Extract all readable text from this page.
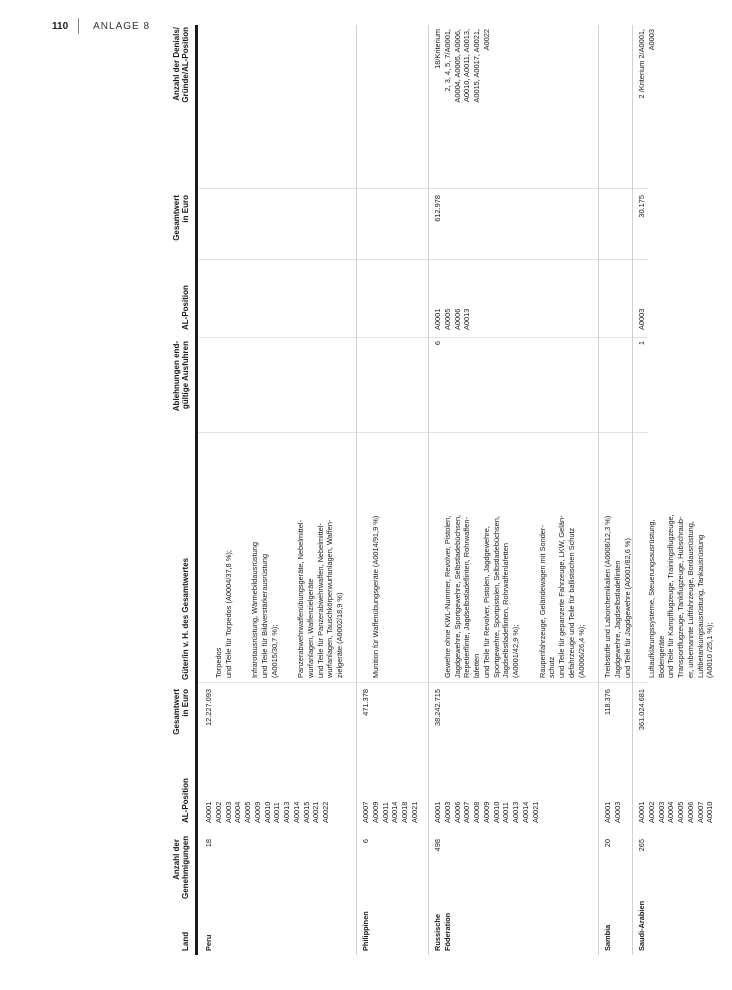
110	ANLAGE 8
Land
Anzahl der
Genehmigungen
AL-Position
Gesamtwert
in Euro
Güter/in v. H. des Gesamtwertes
Ablehnungen end-
gültige Ausfuhren
AL-Position
Gesamtwert
in Euro
Anzahl der Denials/
Gründe/AL-Position
Peru
18
A0001
A0002
A0003
A0004
A0005
A0009
A0010
A0011
A0013
A0014
A0015
A0021
A0022
12.227.093

Torpedos
und Teile für Torpedos (A0004/37,8 %);

Infrarotausrüstung, Wärmebildausrüstung
und Teile für Bildverstärkerausrüstung
(A0015/30,7 %); Panzerabwehrwaffenübungsgeräte, Nebelmittel-
wurfanlagen, Waffenzielgeräte
und Teile für Panzerabwehrwaffen, Nebelmittel-
wurfanlagen, Tauschkörperwurfanlagen, Waffen-
zielgeräte (A0002/18,9 %)

Philippinen
6
A0007
A0009
A0011
A0014
A0018
A0021
471.378

Munition für Waffenübungsgeräte (A0014/91,9 %)

Russische
Föderation
498
A0001
A0003
A0006
A0007
A0008
A0009
A0010
A0011
A0013
A0014
A0021
38.242.715

Gewehre ohne KWL-Nummer, Revolver, Pistolen,
Jagdgewehre, Sportgewehre, Selbstladebüchsen,
Repetierflinte, Jagdselbstladeflinten, Rohrwaffen-
lafetten
und Teile für Revolver, Pistolen, Jagdgewehre,
Sportgewehre, Sportpistolen, Selbstladebüchsen,
Jagdselbstladeflinten, Rohrwaffenlafetten
(A0001/42,9 %); Raupenfahrzeuge, Geländewagen mit Sonder-
schutz
und Teile für gepanzerte Fahrzeuge, LKW, Gelän-
defahrzeuge und Teile für ballistischen Schutz
(A0006/26,4 %); Treibstoffe und Laborchemikalien (A0008/12,3 %)

6
A0001
A0005
A0006
A0013
612.978
18/Kriterium
2, 3, 4, 5, 7/A0001,
A0004, A0005, A0006,
A0010, A0011, A0013,
A0015, A0017, A0021,
A0022
Sambia
20
A0001
A0003
118.376

Jagdgewehre, Jagdselbstladeflinten
und Teile für Jagdgewehre (A0001/82,6 %)

Saudi-Arabien
265
A0001
A0002
A0003
A0004
A0005
A0006
A0007
A0010
361.024.681

Luftaufklärungssysteme, Steuerungsausrüstung,
Bodengeräte
und Teile für Kampfflugzeuge, Trainingsflugzeuge,
Transportflugzeuge, Tankflugzeuge, Hubschraub-
er, unbemannte Luftfahrzeuge, Bordausrüstung,
Luftbetankungsausrüstung, Tankausrüstung
(A0010 /25,1 %);

1
A0003
30.175
2 /Kriterium 2/A0001,
A0003
